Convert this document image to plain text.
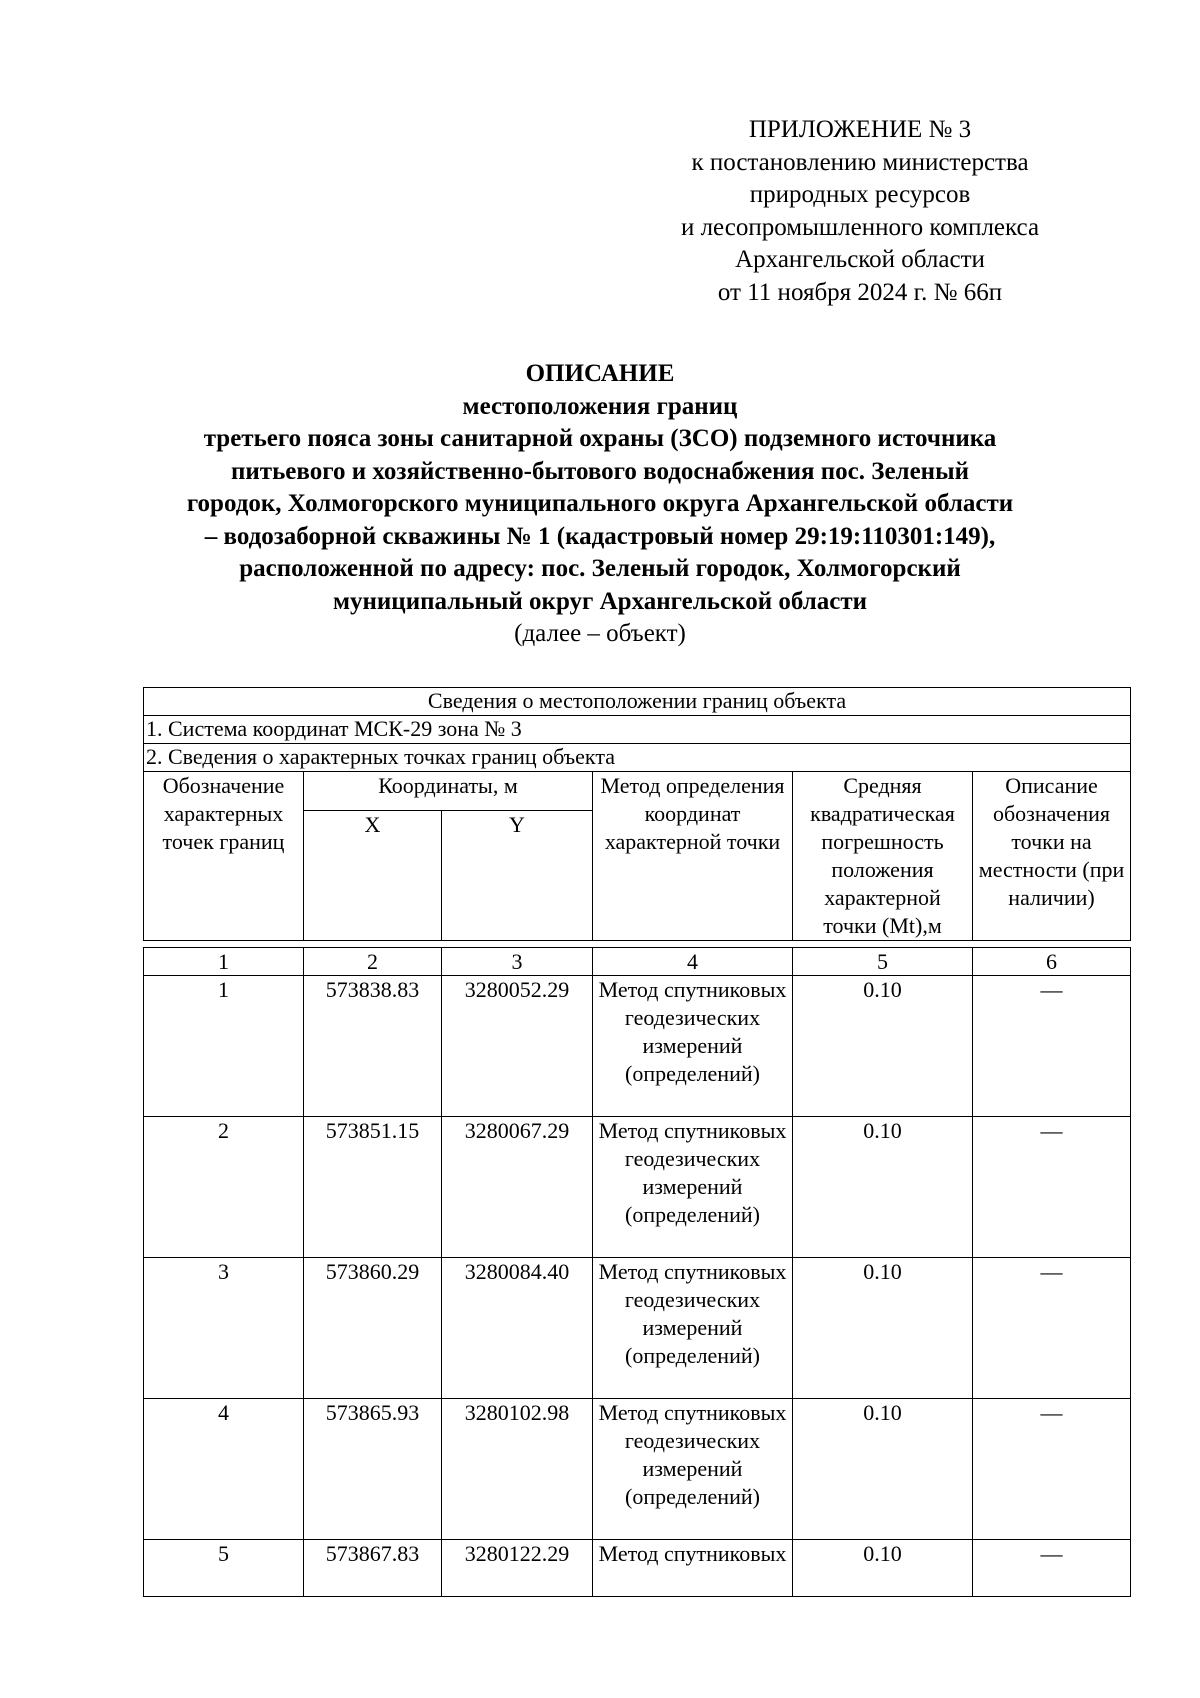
ПРИЛОЖЕНИЕ № 3
к постановлению министерства
природных ресурсов
и лесопромышленного комплекса
Архангельской области
от 11 ноября 2024 г. № 66п
ОПИСАНИЕ
местоположения границ
третьего пояса зоны санитарной охраны (ЗСО) подземного источника
питьевого и хозяйственно-бытового водоснабжения пос. Зеленый
городок, Холмогорского муниципального округа Архангельской области
– водозаборной скважины № 1 (кадастровый номер 29:19:110301:149),
расположенной по адресу: пос. Зеленый городок, Холмогорский
муниципальный округ Архангельской области
(далее – объект)
Сведения о местоположении границ объекта					
1. Система координат МСК-29 зона № 3					
2. Сведения о характерных точках границ объекта					
Обозначение характерных точек границ	Координаты, м		Метод определения координат характерной точки	Средняя квадратическая погрешность положения характерной точки (Mt),м	Описание обозначения точки на местности (при наличии)
	X	Y			
1	2	3	4	5	6
1	573838.83	3280052.29	Метод спутниковых геодезических измерений (определений)	0.10	—
2	573851.15	3280067.29	Метод спутниковых геодезических измерений (определений)	0.10	—
3	573860.29	3280084.40	Метод спутниковых геодезических измерений (определений)	0.10	—
4	573865.93	3280102.98	Метод спутниковых геодезических измерений (определений)	0.10	—
5	573867.83	3280122.29	Метод спутниковых	0.10	—
